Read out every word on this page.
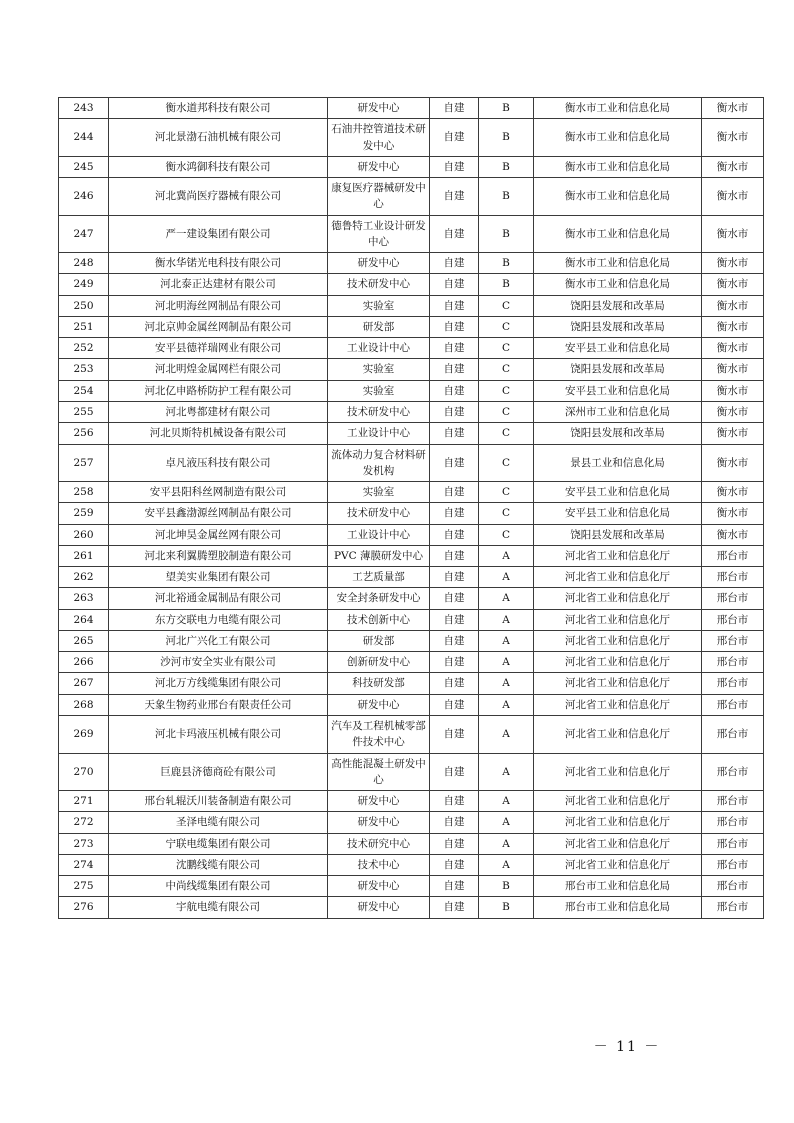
243	衡水道邦科技有限公司	研发中心	自建	B	衡水市工业和信息化局	衡水市
244	河北景渤石油机械有限公司	石油井控管道技术研发中心	自建	B	衡水市工业和信息化局	衡水市
245	衡水鸿御科技有限公司	研发中心	自建	B	衡水市工业和信息化局	衡水市
246	河北冀尚医疗器械有限公司	康复医疗器械研发中心	自建	B	衡水市工业和信息化局	衡水市
247	严一建设集团有限公司	德鲁特工业设计研发中心	自建	B	衡水市工业和信息化局	衡水市
248	衡水华锘光电科技有限公司	研发中心	自建	B	衡水市工业和信息化局	衡水市
249	河北泰正达建材有限公司	技术研发中心	自建	B	衡水市工业和信息化局	衡水市
250	河北明海丝网制品有限公司	实验室	自建	C	饶阳县发展和改革局	衡水市
251	河北京帅金属丝网制品有限公司	研发部	自建	C	饶阳县发展和改革局	衡水市
252	安平县德祥瑞网业有限公司	工业设计中心	自建	C	安平县工业和信息化局	衡水市
253	河北明煌金属网栏有限公司	实验室	自建	C	饶阳县发展和改革局	衡水市
254	河北亿申路桥防护工程有限公司	实验室	自建	C	安平县工业和信息化局	衡水市
255	河北粤都建材有限公司	技术研发中心	自建	C	深州市工业和信息化局	衡水市
256	河北贝斯特机械设备有限公司	工业设计中心	自建	C	饶阳县发展和改革局	衡水市
257	卓凡液压科技有限公司	流体动力复合材料研发机构	自建	C	景县工业和信息化局	衡水市
258	安平县阳科丝网制造有限公司	实验室	自建	C	安平县工业和信息化局	衡水市
259	安平县鑫渤源丝网制品有限公司	技术研发中心	自建	C	安平县工业和信息化局	衡水市
260	河北坤昊金属丝网有限公司	工业设计中心	自建	C	饶阳县发展和改革局	衡水市
261	河北来利翼腾塑胶制造有限公司	PVC 薄膜研发中心	自建	A	河北省工业和信息化厅	邢台市
262	望美实业集团有限公司	工艺质量部	自建	A	河北省工业和信息化厅	邢台市
263	河北裕通金属制品有限公司	安全封条研发中心	自建	A	河北省工业和信息化厅	邢台市
264	东方交联电力电缆有限公司	技术创新中心	自建	A	河北省工业和信息化厅	邢台市
265	河北广兴化工有限公司	研发部	自建	A	河北省工业和信息化厅	邢台市
266	沙河市安全实业有限公司	创新研发中心	自建	A	河北省工业和信息化厅	邢台市
267	河北万方线缆集团有限公司	科技研发部	自建	A	河北省工业和信息化厅	邢台市
268	天象生物药业邢台有限责任公司	研发中心	自建	A	河北省工业和信息化厅	邢台市
269	河北卡玛液压机械有限公司	汽车及工程机械零部件技术中心	自建	A	河北省工业和信息化厅	邢台市
270	巨鹿县济德商砼有限公司	高性能混凝土研发中心	自建	A	河北省工业和信息化厅	邢台市
271	邢台轧辊沃川装备制造有限公司	研发中心	自建	A	河北省工业和信息化厅	邢台市
272	圣泽电缆有限公司	研发中心	自建	A	河北省工业和信息化厅	邢台市
273	宁联电缆集团有限公司	技术研究中心	自建	A	河北省工业和信息化厅	邢台市
274	沈鹏线缆有限公司	技术中心	自建	A	河北省工业和信息化厅	邢台市
275	中尚线缆集团有限公司	研发中心	自建	B	邢台市工业和信息化局	邢台市
276	宇航电缆有限公司	研发中心	自建	B	邢台市工业和信息化局	邢台市
－ 11 －
